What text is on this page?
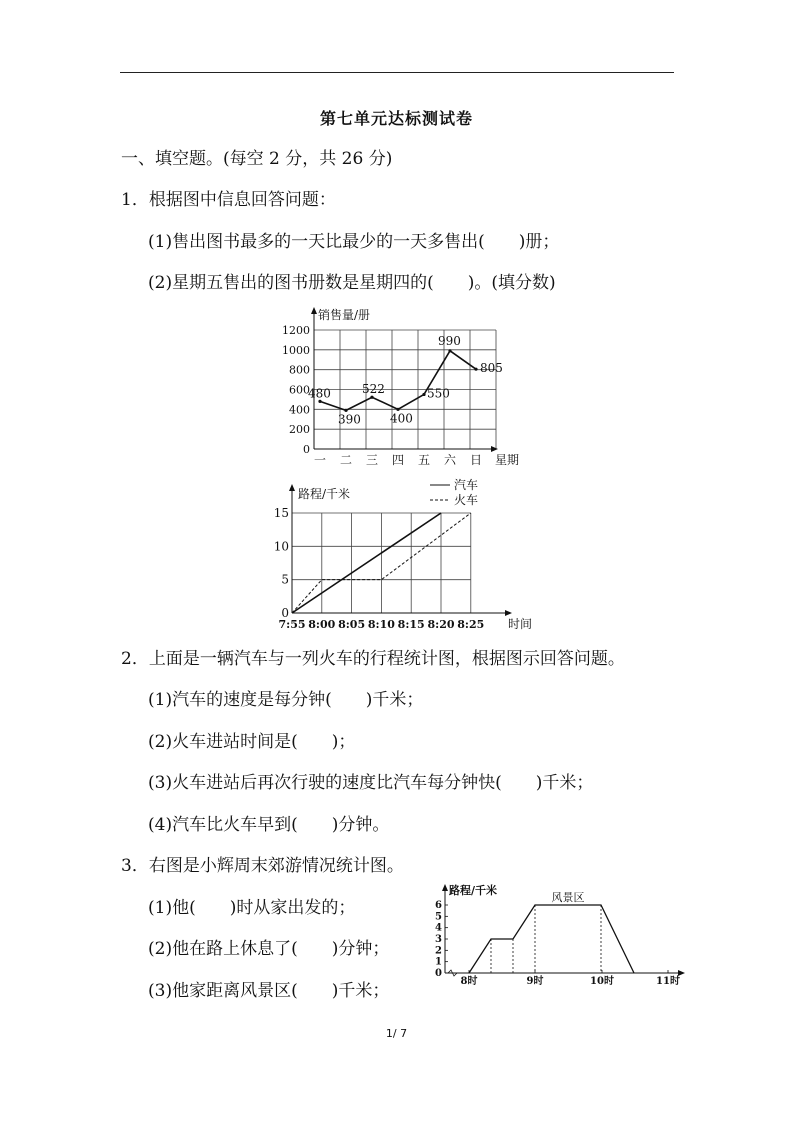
第七单元达标测试卷
一、填空题。(每空 2 分，共 26 分)
1．根据图中信息回答问题：
(1)售出图书最多的一天比最少的一天多售出(　　)册；
(2)星期五售出的图书册数是星期四的(　　)。(填分数)
0
200
400
600
800
1000
1200
销售量/册
一 二 三 四 五 六 日 星期
480
390
522
400
550
990
805
0
5
10
15
路程/千米
7:55 8:00 8:05 8:10 8:15 8:20 8:25 时间
汽车
火车
2．上面是一辆汽车与一列火车的行程统计图，根据图示回答问题。
(1)汽车的速度是每分钟(　　)千米；
(2)火车进站时间是(　　)；
(3)火车进站后再次行驶的速度比汽车每分钟快(　　)千米；
(4)汽车比火车早到(　　)分钟。
3．右图是小辉周末郊游情况统计图。
(1)他(　　)时从家出发的；
(2)他在路上休息了(　　)分钟；
(3)他家距离风景区(　　)千米；
路程/千米
0
1
2
3
4
5
6
8时	9时	10时	11时
风景区
1/ 7
